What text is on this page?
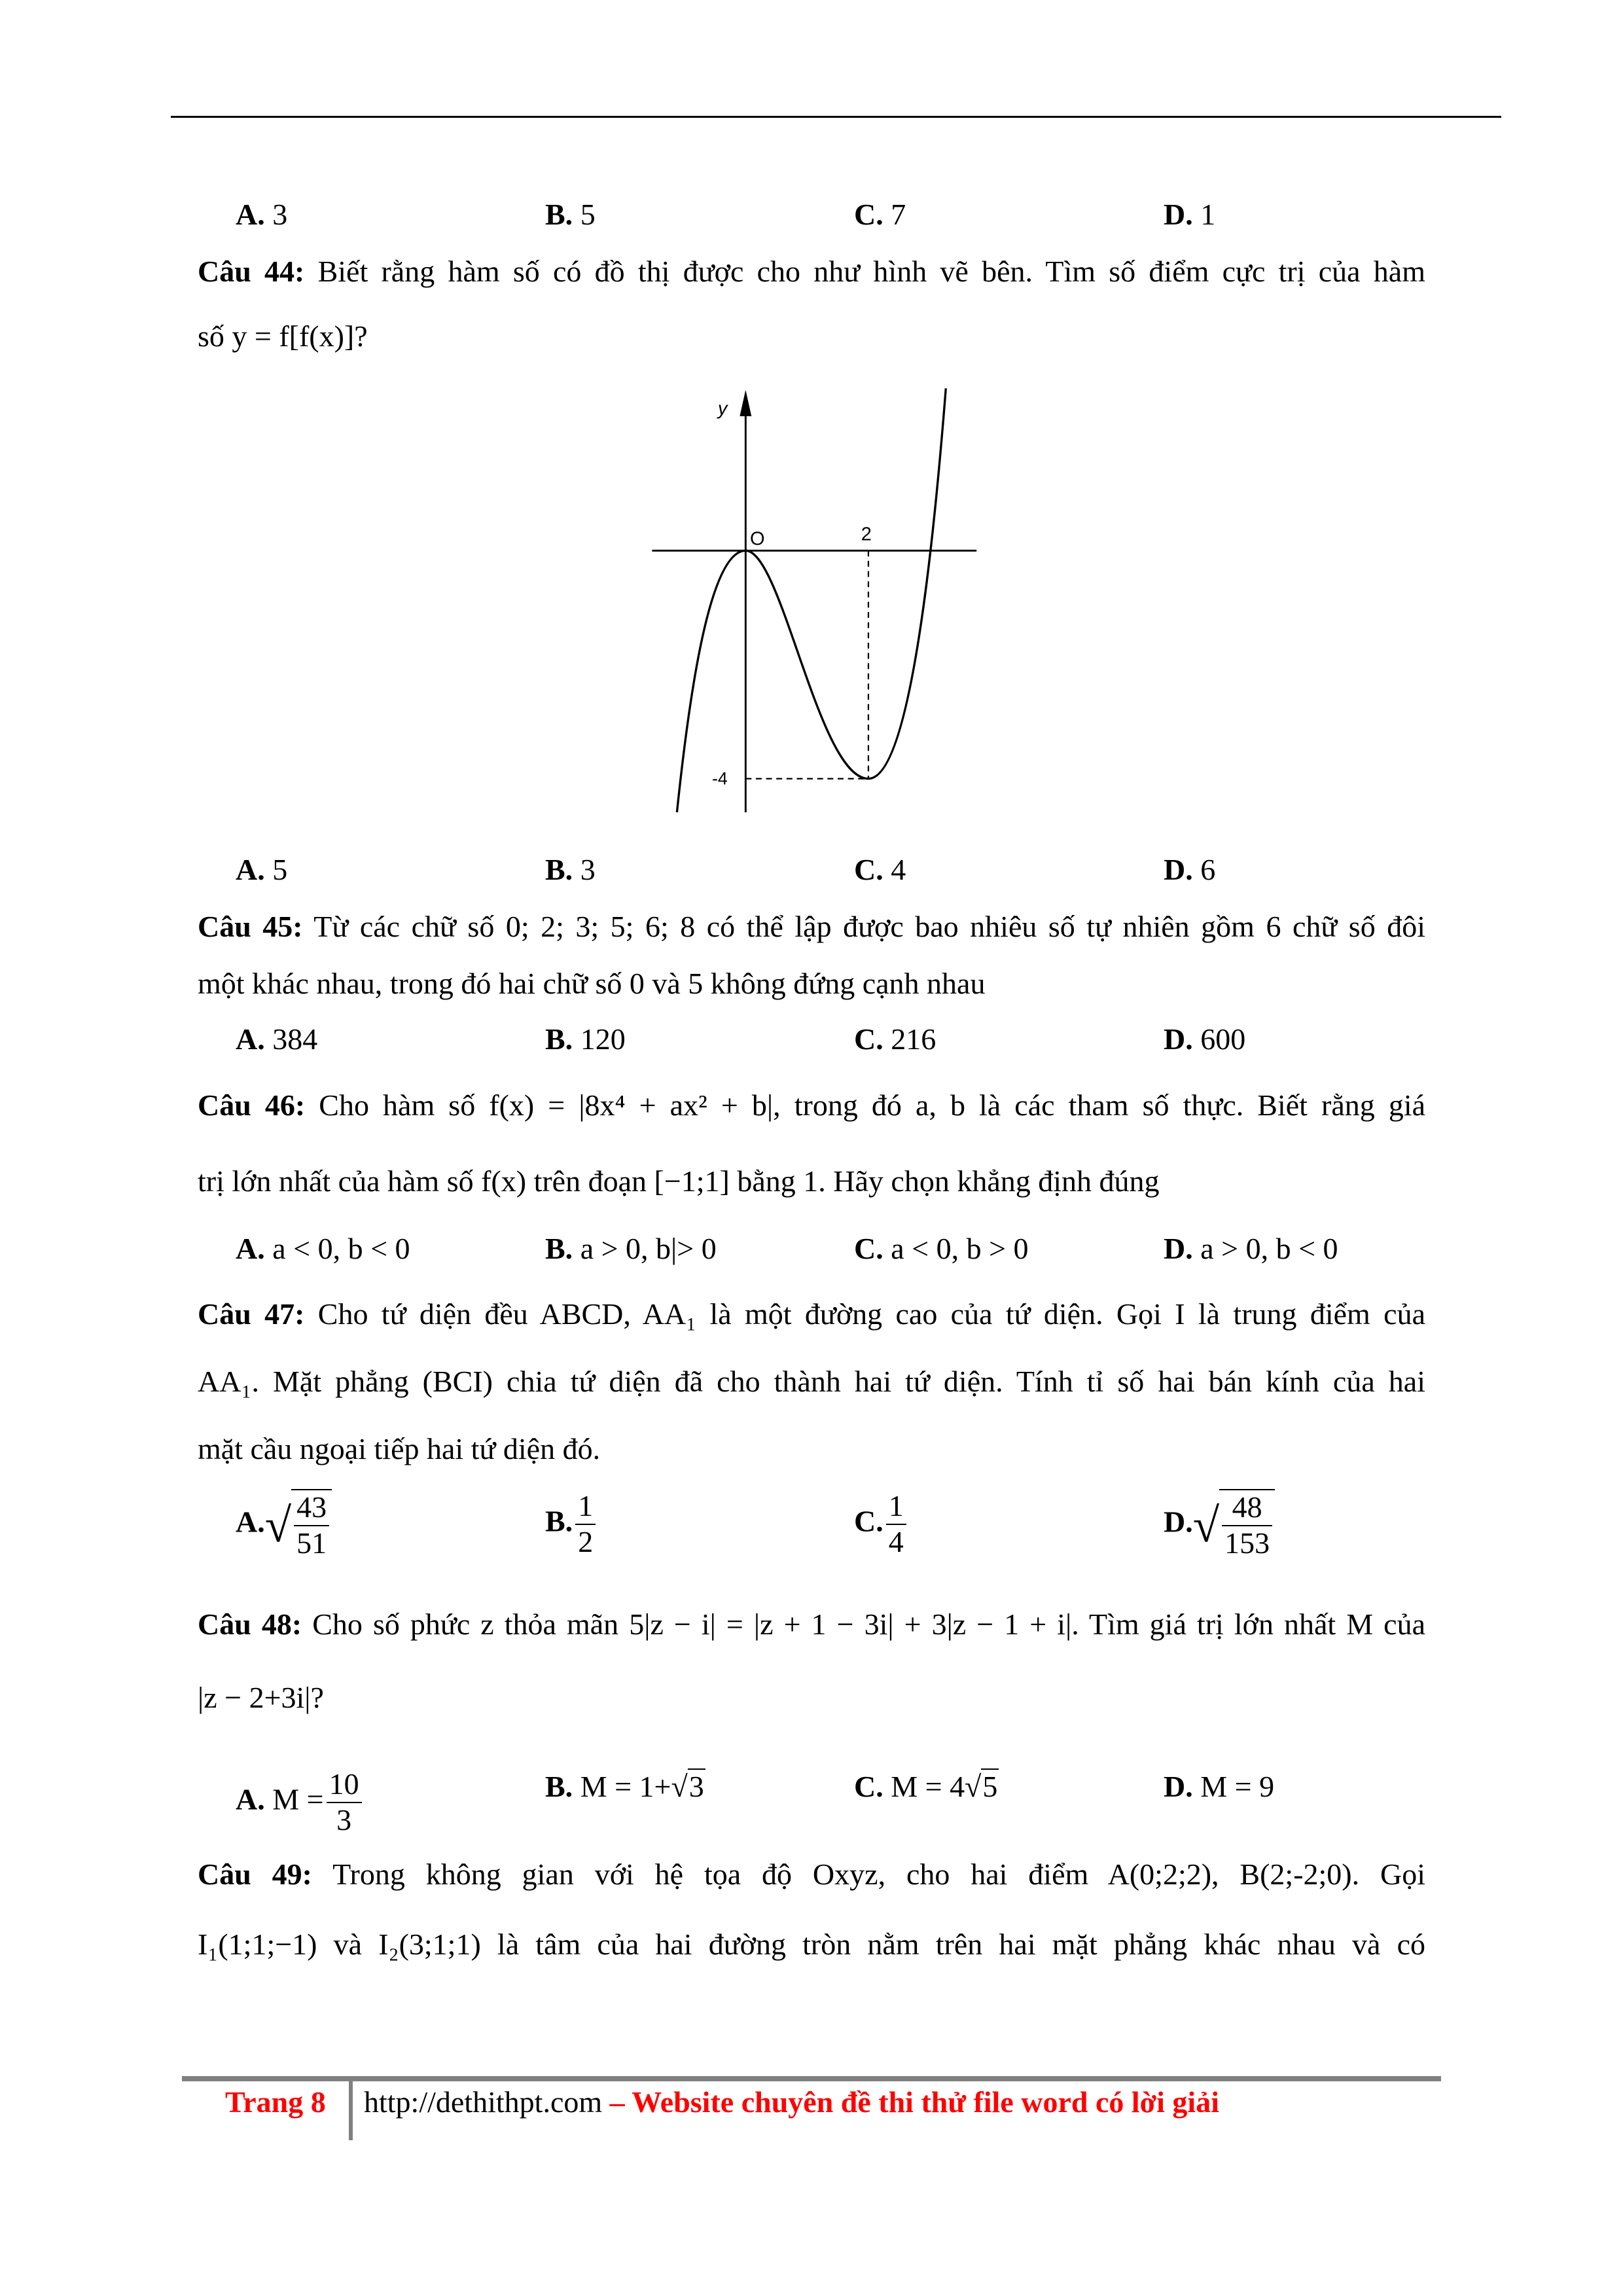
A. 3	B. 5	C. 7	D. 1
Câu 44: Biết rằng hàm số có đồ thị được cho như hình vẽ bên. Tìm số điểm cực trị của hàm
số y = f[f(x)]?
y
O	2
-4
A. 5	B. 3	C. 4	D. 6
Câu 45: Từ các chữ số 0; 2; 3; 5; 6; 8 có thể lập được bao nhiêu số tự nhiên gồm 6 chữ số đôi
một khác nhau, trong đó hai chữ số 0 và 5 không đứng cạnh nhau
A. 384	B. 120	C. 216	D. 600
Câu 46: Cho hàm số f(x) = |8x⁴ + ax² + b|, trong đó a, b là các tham số thực. Biết rằng giá
trị lớn nhất của hàm số f(x) trên đoạn [−1;1] bằng 1. Hãy chọn khẳng định đúng
A. a < 0, b < 0	B. a > 0, b|> 0	C. a < 0, b > 0	D. a > 0, b < 0
Câu 47: Cho tứ diện đều ABCD, AA₁ là một đường cao của tứ diện. Gọi I là trung điểm của
AA₁. Mặt phẳng (BCI) chia tứ diện đã cho thành hai tứ diện. Tính tỉ số hai bán kính của hai
mặt cầu ngoại tiếp hai tứ diện đó.
$A.√ \frac{43}{51}$	B. $\frac{1}{2}$	C. $\frac{1}{4}$	$D.√ \frac{48}{153}$
Câu 48: Cho số phức z thỏa mãn 5|z − i| = |z + 1 − 3i| + 3|z − 1 + i|. Tìm giá trị lớn nhất M của
|z − 2+3i|?
A. $M = \frac{10}{3}$	B. M = 1+√3	C. M = 4√5	D. M = 9
Câu 49: Trong không gian với hệ tọa độ Oxyz, cho hai điểm A(0;2;2), B(2;-2;0). Gọi
I₁(1;1;−1) và I₂(3;1;1) là tâm của hai đường tròn nằm trên hai mặt phẳng khác nhau và có
Trang 8 http://dethithpt.com – Website chuyên đề thi thử file word có lời giải
